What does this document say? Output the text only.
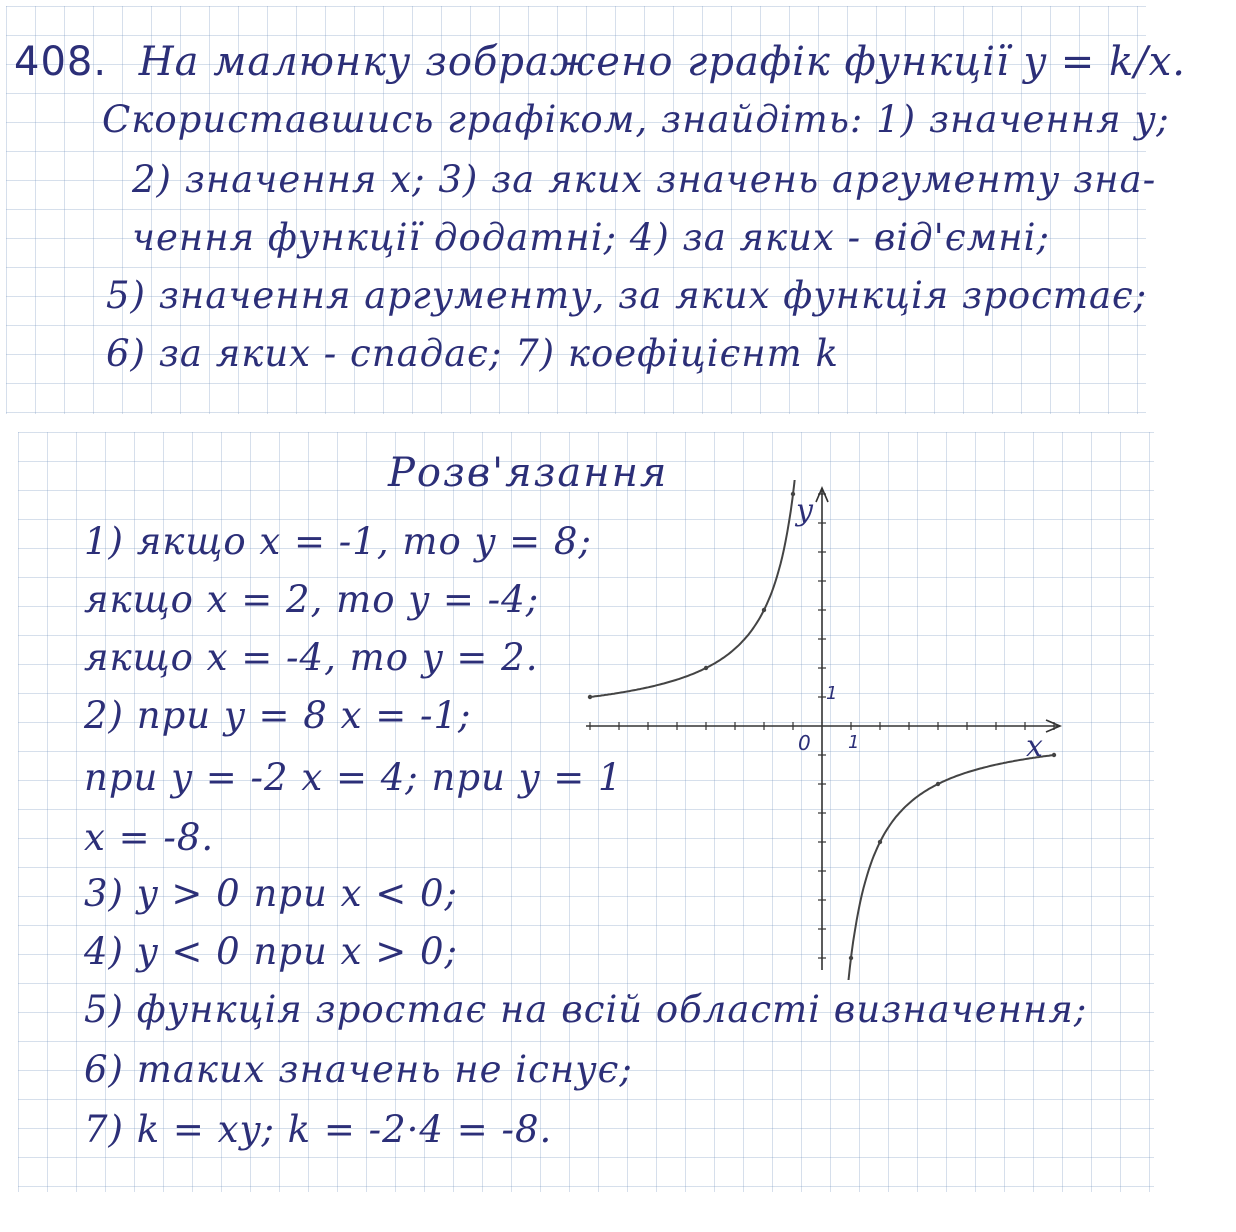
408. На малюнку зображено графік функції y = k/x.
Скориставшись графіком, знайдіть: 1) значення y;
2) значення x; 3) за яких значень аргументу зна-
чення функції додатні; 4) за яких - від'ємні;
5) значення аргументу, за яких функція зростає;
6) за яких - спадає; 7) коефіцієнт k
Розв'язання
1) якщо x = -1, то y = 8;
якщо x = 2, то y = -4;
якщо x = -4, то y = 2.
2) при y = 8 x = -1;
при y = -2 x = 4; при y = 1
x = -8.
3) y > 0 при x < 0;
4) y < 0 при x > 0;
5) функція зростає на всій області визначення;
6) таких значень не існує;
7) k = xy; k = -2·4 = -8.
x
y
0 1
1
